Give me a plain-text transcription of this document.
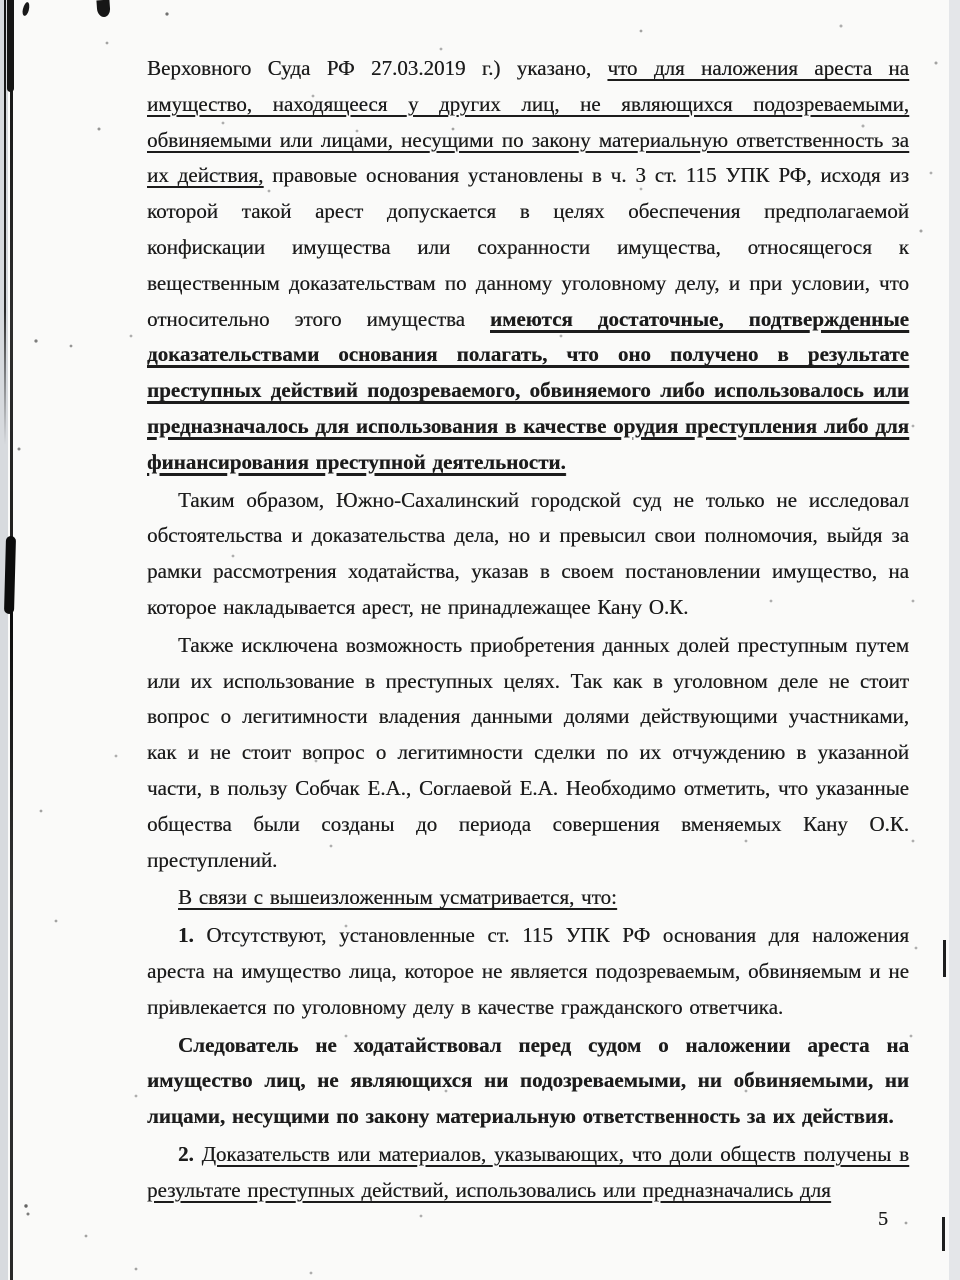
Верховного Суда РФ 27.03.2019 г.) указано, что для наложения ареста на имущество, находящееся у других лиц, не являющихся подозреваемыми, обвиняемыми или лицами, несущими по закону материальную ответственность за их действия, правовые основания установлены в ч. 3 ст. 115 УПК РФ, исходя из которой такой арест допускается в целях обеспечения предполагаемой конфискации имущества или сохранности имущества, относящегося к вещественным доказательствам по данному уголовному делу, и при условии, что относительно этого имущества имеются достаточные, подтвержденные доказательствами основания полагать, что оно получено в результате преступных действий подозреваемого, обвиняемого либо использовалось или предназначалось для использования в качестве орудия преступления либо для финансирования преступной деятельности.

Таким образом, Южно-Сахалинский городской суд не только не исследовал обстоятельства и доказательства дела, но и превысил свои полномочия, выйдя за рамки рассмотрения ходатайства, указав в своем постановлении имущество, на которое накладывается арест, не принадлежащее Кану О.К.

Также исключена возможность приобретения данных долей преступным путем или их использование в преступных целях. Так как в уголовном деле не стоит вопрос о легитимности владения данными долями действующими участниками, как и не стоит вопрос о легитимности сделки по их отчуждению в указанной части, в пользу Собчак Е.А., Соглаевой Е.А. Необходимо отметить, что указанные общества были созданы до периода совершения вменяемых Кану О.К. преступлений.

В связи с вышеизложенным усматривается, что:

1. Отсутствуют, установленные ст. 115 УПК РФ основания для наложения ареста на имущество лица, которое не является подозреваемым, обвиняемым и не привлекается по уголовному делу в качестве гражданского ответчика.

Следователь не ходатайствовал перед судом о наложении ареста на имущество лиц, не являющихся ни подозреваемыми, ни обвиняемыми, ни лицами, несущими по закону материальную ответственность за их действия.

2. Доказательств или материалов, указывающих, что доли обществ получены в результате преступных действий, использовались или предназначались для

5
